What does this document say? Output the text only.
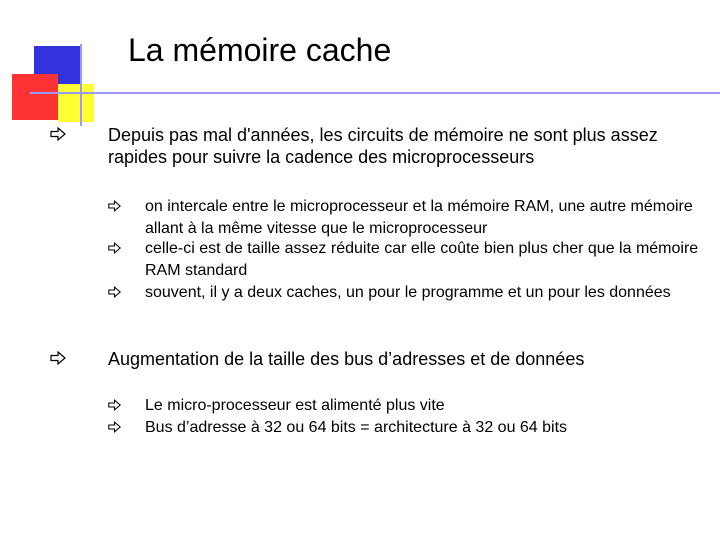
La mémoire cache
Depuis pas mal d'années, les circuits de mémoire ne sont plus assez rapides pour suivre la cadence des microprocesseurs
on intercale entre le microprocesseur et la mémoire RAM, une autre mémoire allant à la même vitesse que le microprocesseur
celle-ci est de taille assez réduite car elle coûte bien plus cher que la mémoire RAM standard
souvent, il y a deux caches, un pour le programme et un pour les données
Augmentation de la taille des bus d’adresses et de données
Le micro-processeur est alimenté plus vite
Bus d’adresse à 32 ou 64 bits = architecture à 32 ou 64 bits
